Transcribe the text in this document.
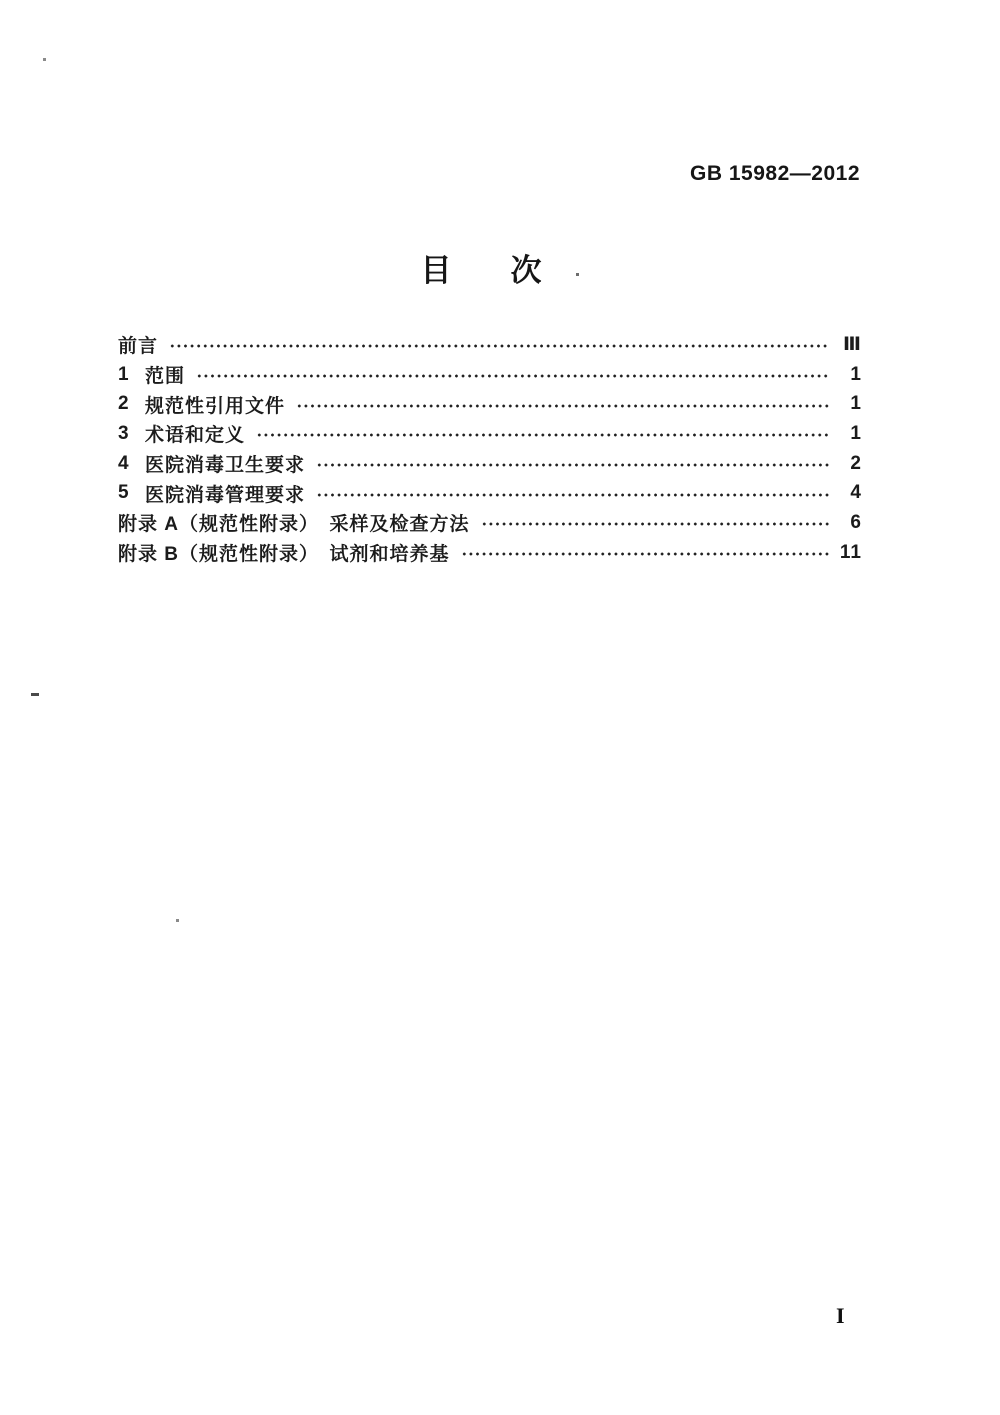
GB 15982—2012
目　次
前言	Ⅲ
1 范围	1
2 规范性引用文件	1
3 术语和定义	1
4 医院消毒卫生要求	2
5 医院消毒管理要求	4
附录 A（规范性附录）　采样及检查方法	6
附录 B（规范性附录）　试剂和培养基	11
I
